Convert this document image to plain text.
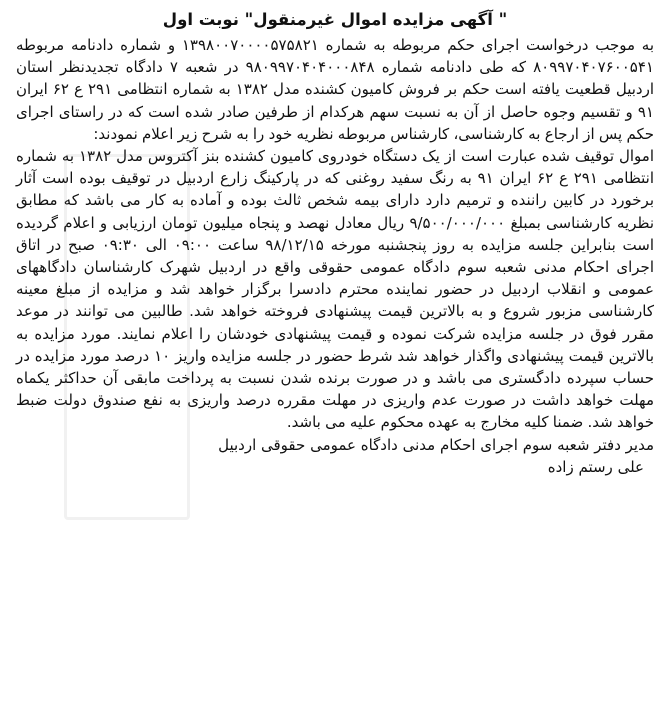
" آگهی مزایده اموال غیرمنقول" نوبت اول

به موجب درخواست اجرای حکم مربوطه به شماره ۱۳۹۸۰۰۷۰۰۰۰۵۷۵۸۲۱ و شماره دادنامه مربوطه ۸۰۹۹۷۰۴۰۷۶۰۰۵۴۱ که طی دادنامه شماره ۹۸۰۹۹۷۰۴۰۴۰۰۰۸۴۸ در شعبه ۷ دادگاه تجدیدنظر استان اردبیل قطعیت یافته است حکم بر فروش کامیون کشنده مدل ۱۳۸۲ به شماره انتظامی ۲۹۱ ع ۶۲ ایران ۹۱ و تقسیم وجوه حاصل از آن به نسبت سهم هرکدام از طرفین صادر شده است که در راستای اجرای حکم پس از ارجاع به کارشناسی، کارشناس مربوطه نظریه خود را به شرح زیر اعلام نمودند:

اموال توقیف شده عبارت است از یک دستگاه خودروی کامیون کشنده بنز آکتروس مدل ۱۳۸۲ به شماره انتظامی ۲۹۱ ع ۶۲ ایران ۹۱ به رنگ سفید روغنی که در پارکینگ زارع اردبیل در توقیف بوده است آثار برخورد در کابین راننده و ترمیم دارد دارای بیمه شخص ثالث بوده و آماده به کار می باشد که مطابق نظریه کارشناسی بمبلغ ۹/۵۰۰/۰۰۰/۰۰۰ ریال معادل نهصد و پنجاه میلیون تومان ارزیابی و اعلام گردیده است بنابراین جلسه مزایده به روز پنجشنبه مورخه ۹۸/۱۲/۱۵ ساعت ۰۹:۰۰ الی ۰۹:۳۰ صبح در اتاق اجرای احکام مدنی شعبه سوم دادگاه عمومی حقوقی واقع در اردبیل شهرک کارشناسان دادگاههای عمومی و انقلاب اردبیل در حضور نماینده محترم دادسرا برگزار خواهد شد و مزایده از مبلغ معینه کارشناسی مزبور شروع و به بالاترین قیمت پیشنهادی فروخته خواهد شد. طالبین می توانند در موعد مقرر فوق در جلسه مزایده شرکت نموده و قیمت پیشنهادی خودشان را اعلام نمایند. مورد مزایده به بالاترین قیمت پیشنهادی واگذار خواهد شد شرط حضور در جلسه مزایده واریز ۱۰ درصد مورد مزایده در حساب سپرده دادگستری می باشد و در صورت برنده شدن نسبت به پرداخت مابقی آن حداکثر یکماه مهلت خواهد داشت در صورت عدم واریزی در مهلت مقرره درصد واریزی به نفع صندوق دولت ضبط خواهد شد. ضمنا کلیه مخارج به عهده محکوم علیه می باشد.

مدیر دفتر شعبه سوم اجرای احکام مدنی دادگاه عمومی حقوقی اردبیل
علی رستم زاده
